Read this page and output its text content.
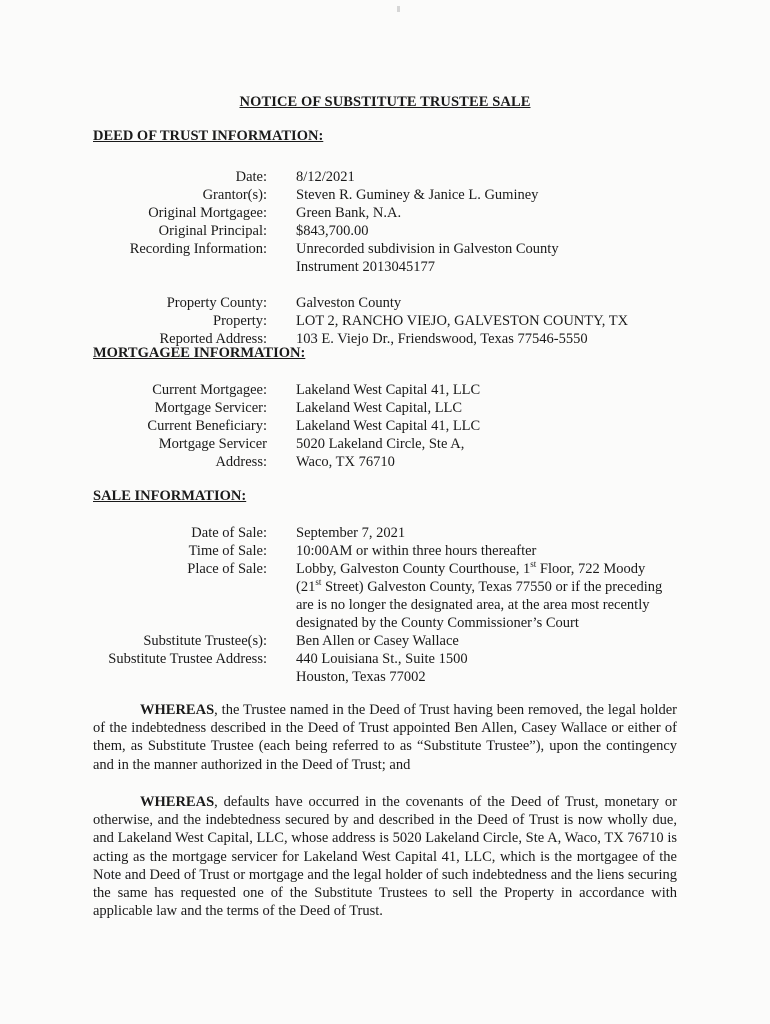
NOTICE OF SUBSTITUTE TRUSTEE SALE
DEED OF TRUST INFORMATION:
Date: 8/12/2021
Grantor(s): Steven R. Guminey & Janice L. Guminey
Original Mortgagee: Green Bank, N.A.
Original Principal: $843,700.00
Recording Information: Unrecorded subdivision in Galveston County
Instrument 2013045177
Property County: Galveston County
Property: LOT 2, RANCHO VIEJO, GALVESTON COUNTY, TX
Reported Address: 103 E. Viejo Dr., Friendswood, Texas 77546-5550
MORTGAGEE INFORMATION:
Current Mortgagee: Lakeland West Capital 41, LLC
Mortgage Servicer: Lakeland West Capital, LLC
Current Beneficiary: Lakeland West Capital 41, LLC
Mortgage Servicer 5020 Lakeland Circle, Ste A,
Address: Waco, TX 76710
SALE INFORMATION:
Date of Sale: September 7, 2021
Time of Sale: 10:00AM or within three hours thereafter
Place of Sale: Lobby, Galveston County Courthouse, 1st Floor, 722 Moody
(21st Street) Galveston County, Texas 77550 or if the preceding
are is no longer the designated area, at the area most recently
designated by the County Commissioner’s Court
Substitute Trustee(s): Ben Allen or Casey Wallace
Substitute Trustee Address: 440 Louisiana St., Suite 1500
Houston, Texas 77002
WHEREAS, the Trustee named in the Deed of Trust having been removed, the legal holder of the indebtedness described in the Deed of Trust appointed Ben Allen, Casey Wallace or either of them, as Substitute Trustee (each being referred to as “Substitute Trustee”), upon the contingency and in the manner authorized in the Deed of Trust; and
WHEREAS, defaults have occurred in the covenants of the Deed of Trust, monetary or otherwise, and the indebtedness secured by and described in the Deed of Trust is now wholly due, and Lakeland West Capital, LLC, whose address is 5020 Lakeland Circle, Ste A, Waco, TX 76710 is acting as the mortgage servicer for Lakeland West Capital 41, LLC, which is the mortgagee of the Note and Deed of Trust or mortgage and the legal holder of such indebtedness and the liens securing the same has requested one of the Substitute Trustees to sell the Property in accordance with applicable law and the terms of the Deed of Trust.
